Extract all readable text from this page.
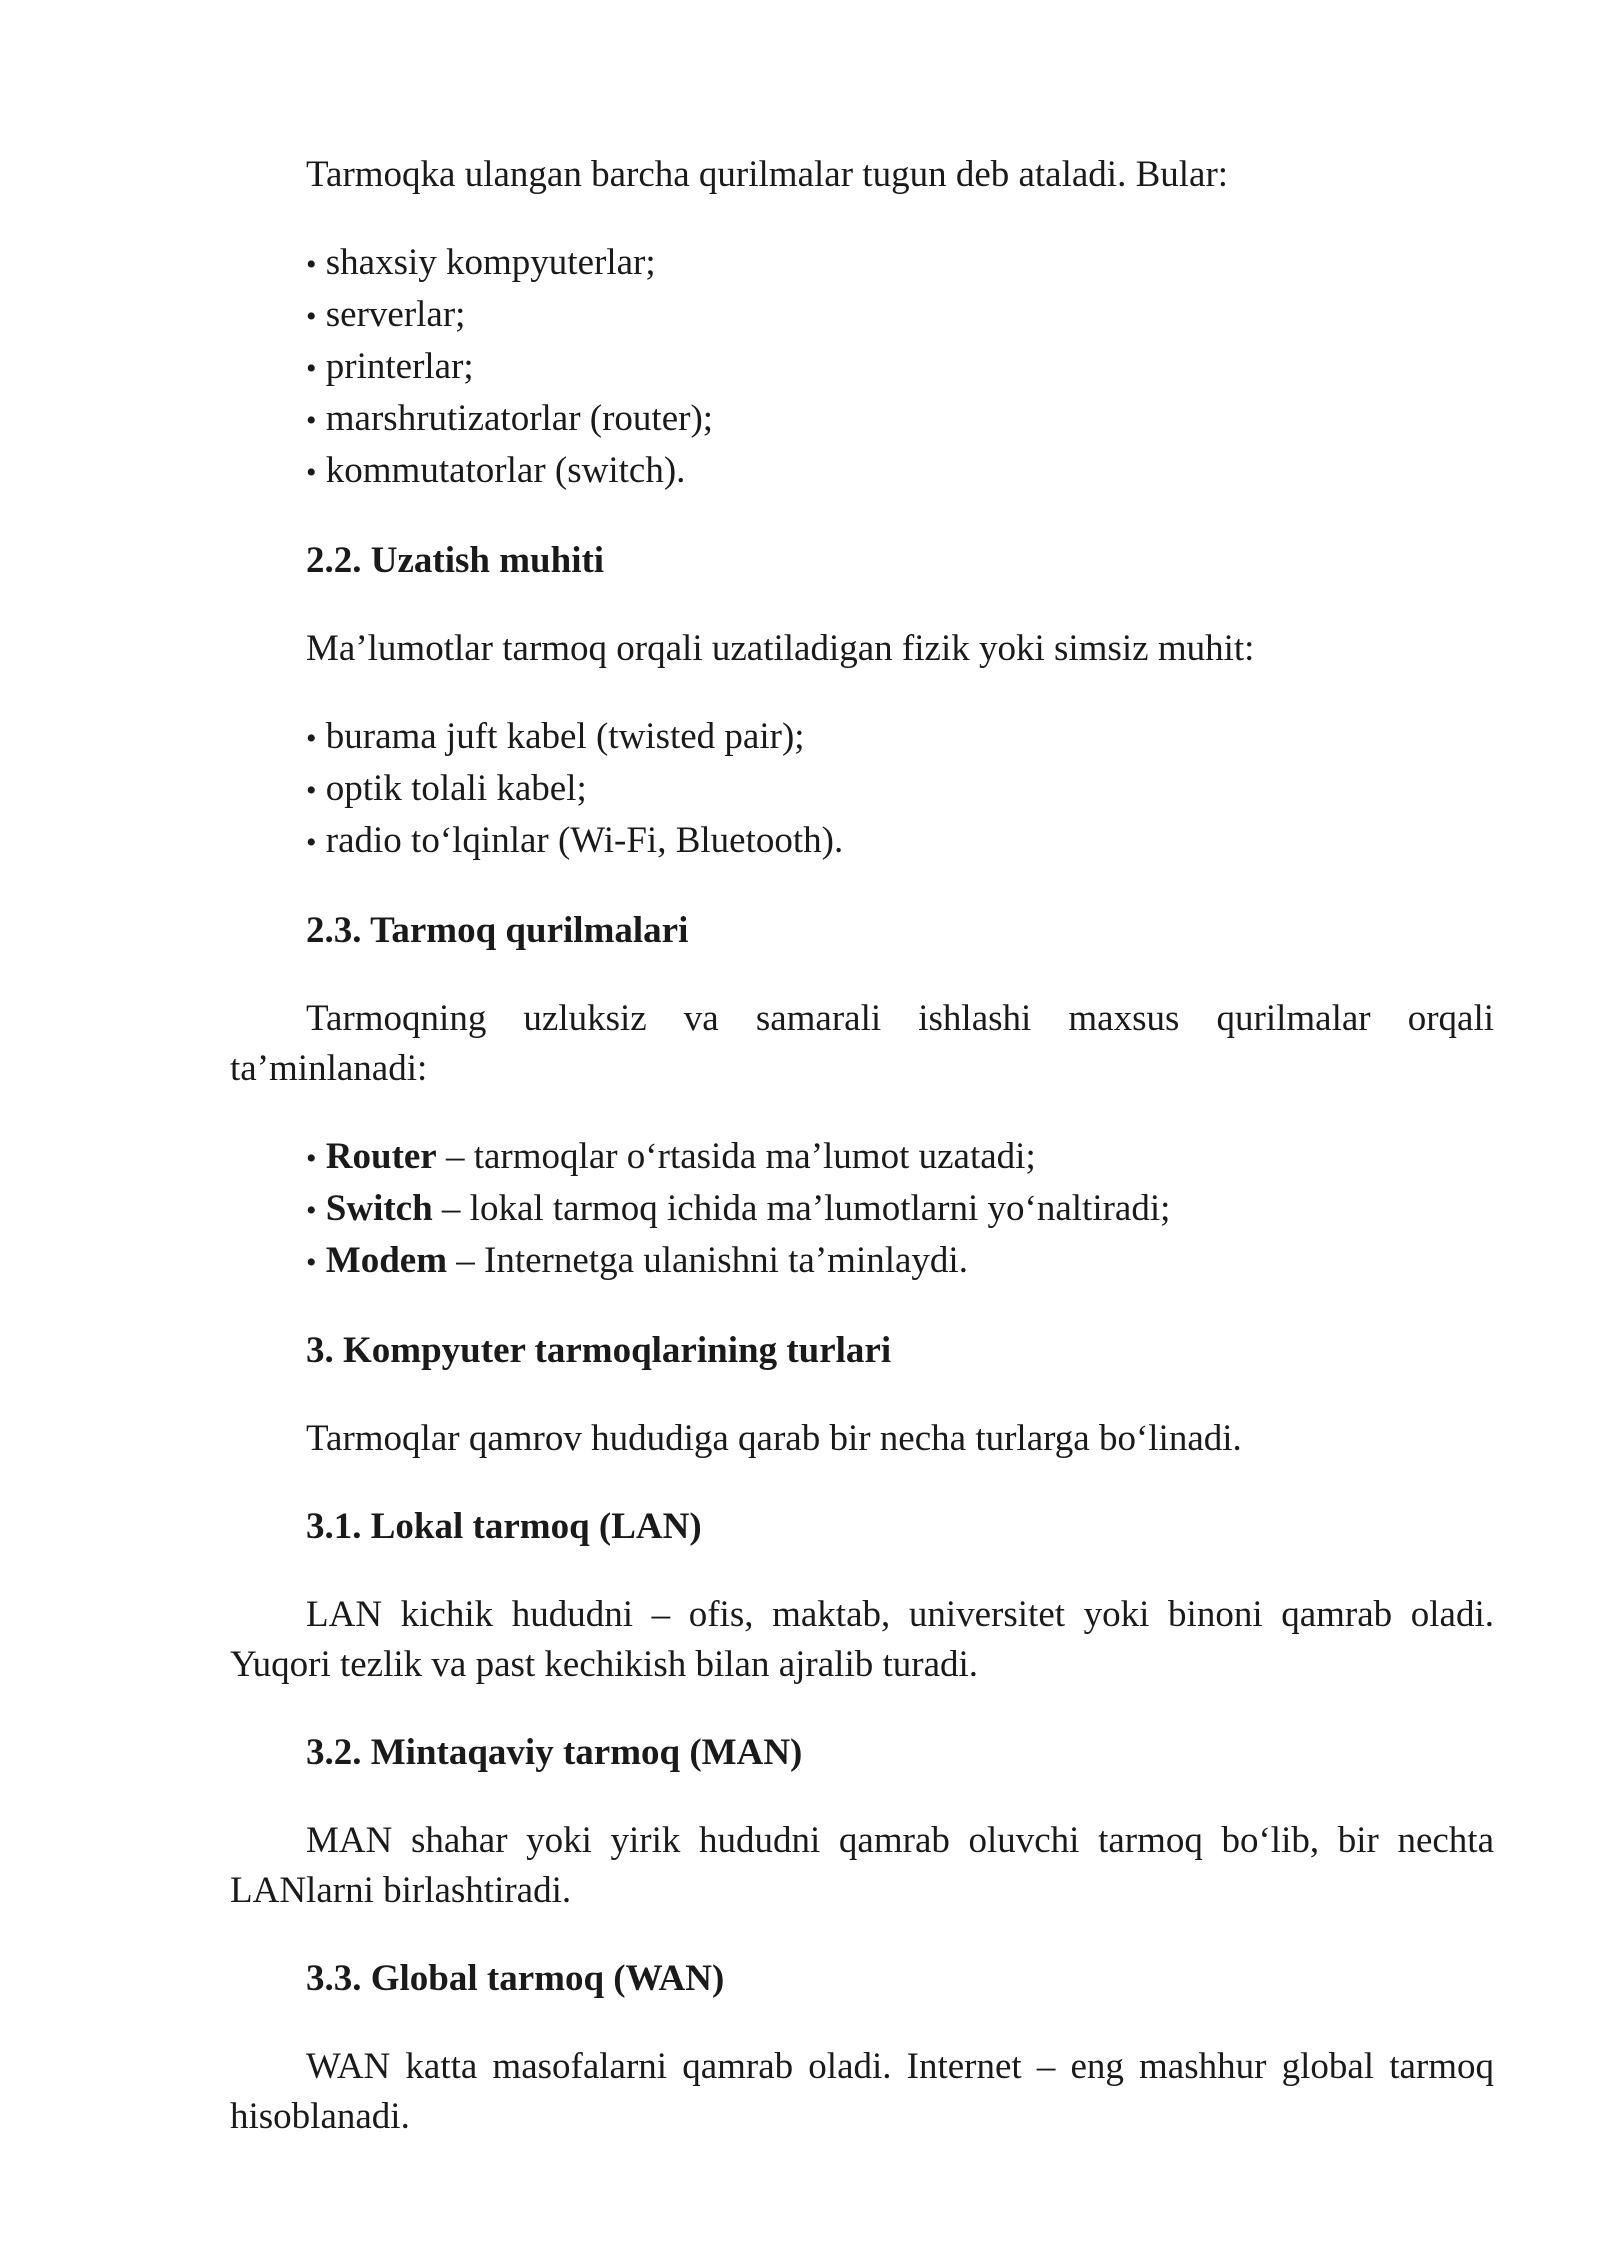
Tarmoqka ulangan barcha qurilmalar tugun deb ataladi. Bular:

• shaxsiy kompyuterlar;
• serverlar;
• printerlar;
• marshrutizatorlar (router);
• kommutatorlar (switch).

2.2. Uzatish muhiti

Ma’lumotlar tarmoq orqali uzatiladigan fizik yoki simsiz muhit:

• burama juft kabel (twisted pair);
• optik tolali kabel;
• radio to‘lqinlar (Wi-Fi, Bluetooth).

2.3. Tarmoq qurilmalari

Tarmoqning uzluksiz va samarali ishlashi maxsus qurilmalar orqali ta’minlanadi:

• Router – tarmoqlar o‘rtasida ma’lumot uzatadi;
• Switch – lokal tarmoq ichida ma’lumotlarni yo‘naltiradi;
• Modem – Internetga ulanishni ta’minlaydi.

3. Kompyuter tarmoqlarining turlari

Tarmoqlar qamrov hududiga qarab bir necha turlarga bo‘linadi.

3.1. Lokal tarmoq (LAN)

LAN kichik hududni – ofis, maktab, universitet yoki binoni qamrab oladi. Yuqori tezlik va past kechikish bilan ajralib turadi.

3.2. Mintaqaviy tarmoq (MAN)

MAN shahar yoki yirik hududni qamrab oluvchi tarmoq bo‘lib, bir nechta LANlarni birlashtiradi.

3.3. Global tarmoq (WAN)

WAN katta masofalarni qamrab oladi. Internet – eng mashhur global tarmoq hisoblanadi.
